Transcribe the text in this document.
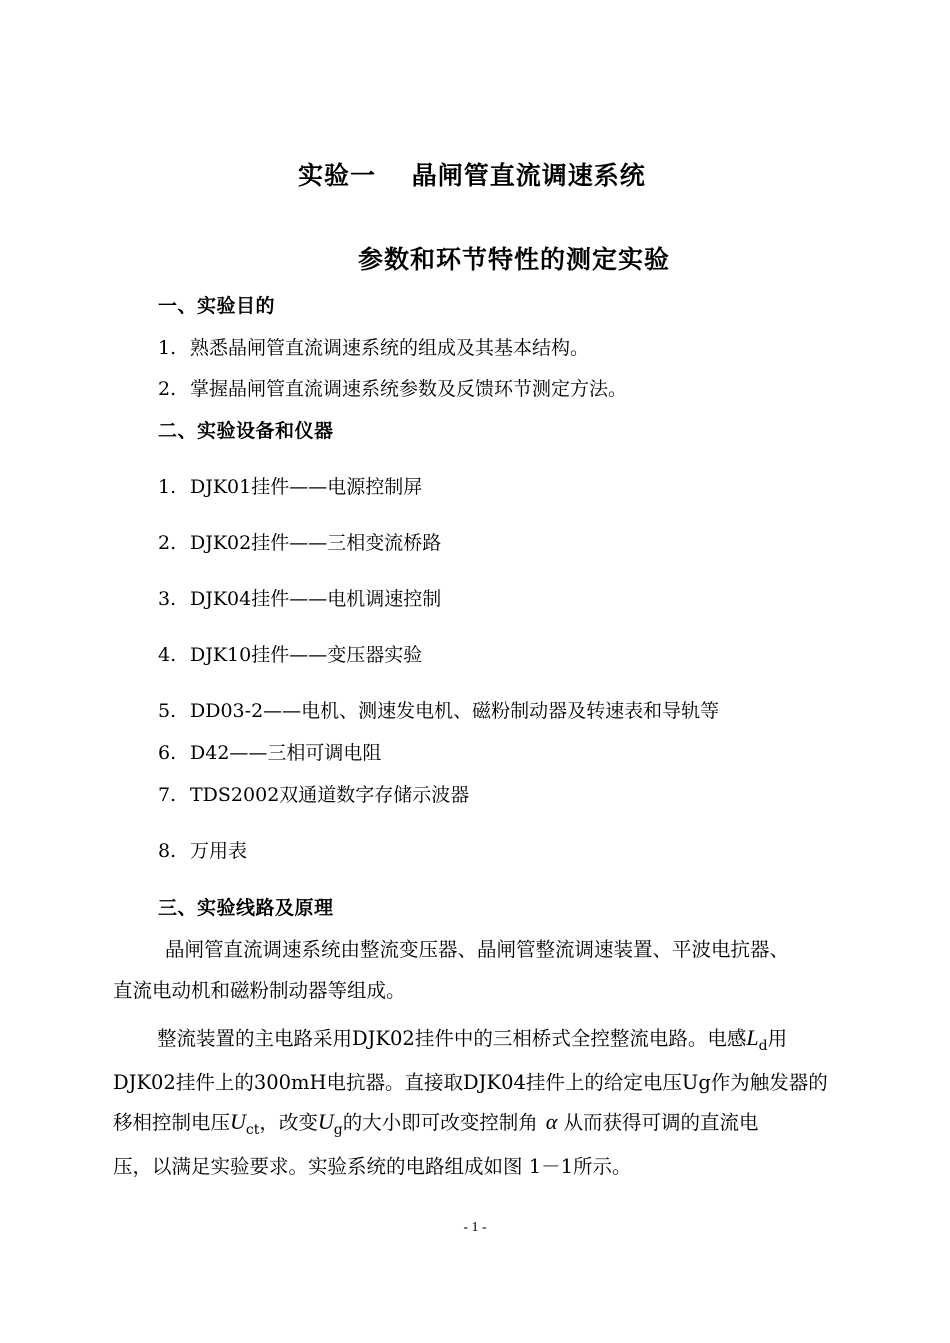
实验一　 晶闸管直流调速系统
参数和环节特性的测定实验
一、实验目的
1. 熟悉晶闸管直流调速系统的组成及其基本结构。
2. 掌握晶闸管直流调速系统参数及反馈环节测定方法。
二、实验设备和仪器
1. DJK01挂件——电源控制屏
2. DJK02挂件——三相变流桥路
3. DJK04挂件——电机调速控制
4. DJK10挂件——变压器实验
5. DD03-2——电机、测速发电机、磁粉制动器及转速表和导轨等
6. D42——三相可调电阻
7. TDS2002双通道数字存储示波器
8. 万用表
三、实验线路及原理
晶闸管直流调速系统由整流变压器、晶闸管整流调速装置、平波电抗器、
直流电动机和磁粉制动器等组成。
整流装置的主电路采用DJK02挂件中的三相桥式全控整流电路。电感$L_d$用
DJK02挂件上的300mH电抗器。直接取DJK04挂件上的给定电压Ug作为触发器的
移相控制电压$U_{ct}$，改变$U_g$的大小即可改变控制角 α 从而获得可调的直流电
压，以满足实验要求。实验系统的电路组成如图 1－1所示。
- 1 -
